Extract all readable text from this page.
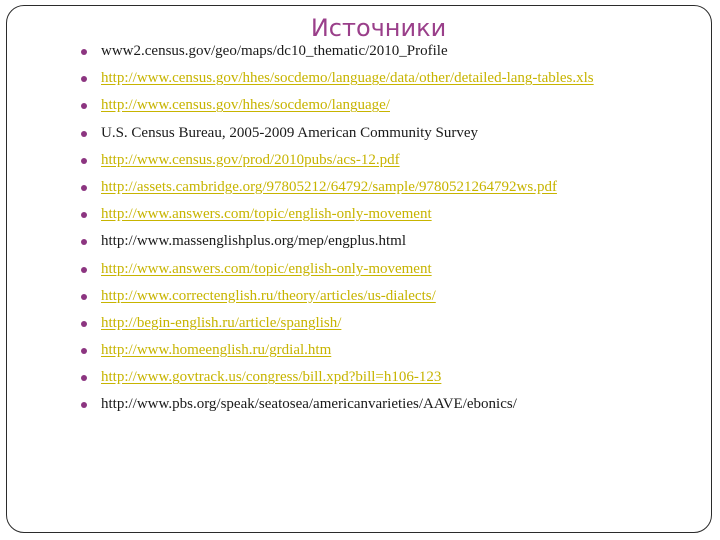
Источники
www2.census.gov/geo/maps/dc10_thematic/2010_Profile
http://www.census.gov/hhes/socdemo/language/data/other/detailed-lang-tables.xls
http://www.census.gov/hhes/socdemo/language/
U.S. Census Bureau, 2005-2009 American Community Survey
http://www.census.gov/prod/2010pubs/acs-12.pdf
http://assets.cambridge.org/97805212/64792/sample/9780521264792ws.pdf
http://www.answers.com/topic/english-only-movement
http://www.massenglishplus.org/mep/engplus.html
http://www.answers.com/topic/english-only-movement
http://www.correctenglish.ru/theory/articles/us-dialects/
http://begin-english.ru/article/spanglish/
http://www.homeenglish.ru/grdial.htm
http://www.govtrack.us/congress/bill.xpd?bill=h106-123
http://www.pbs.org/speak/seatosea/americanvarieties/AAVE/ebonics/
